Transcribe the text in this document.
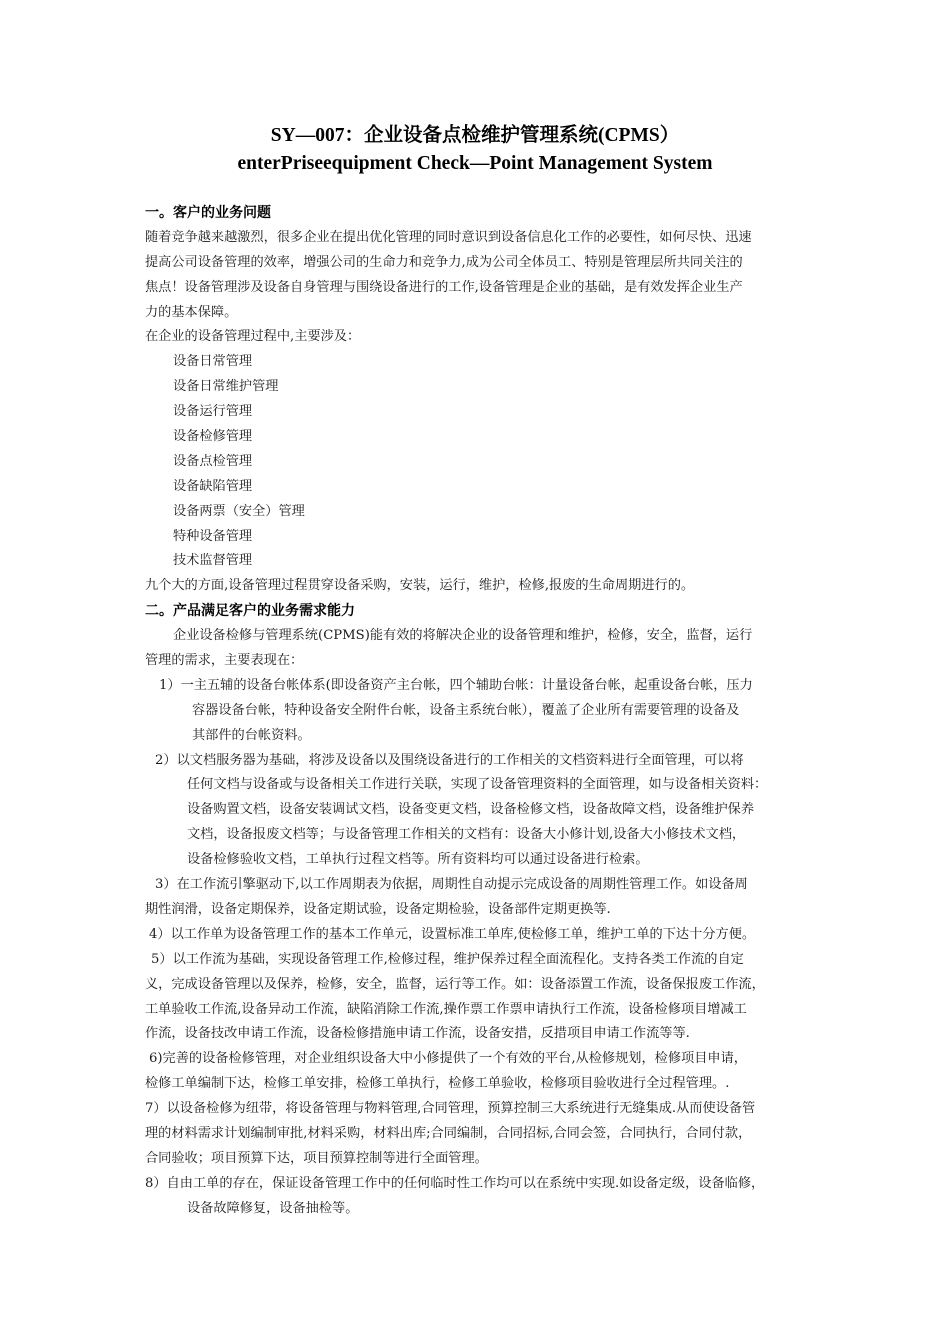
SY—007：企业设备点检维护管理系统(CPMS）
enterPriseequipment Check—Point Management System
一。客户的业务问题
随着竞争越来越激烈，很多企业在提出优化管理的同时意识到设备信息化工作的必要性，如何尽快、迅速
提高公司设备管理的效率，增强公司的生命力和竞争力,成为公司全体员工、特别是管理层所共同关注的
焦点！设备管理涉及设备自身管理与围绕设备进行的工作,设备管理是企业的基础，是有效发挥企业生产
力的基本保障。
在企业的设备管理过程中,主要涉及：
设备日常管理
设备日常维护管理
设备运行管理
设备检修管理
设备点检管理
设备缺陷管理
设备两票（安全）管理
特种设备管理
技术监督管理
九个大的方面,设备管理过程贯穿设备采购，安装，运行，维护，检修,报废的生命周期进行的。
二。产品满足客户的业务需求能力
企业设备检修与管理系统(CPMS)能有效的将解决企业的设备管理和维护，检修，安全，监督，运行
管理的需求，主要表现在：
1）一主五辅的设备台帐体系(即设备资产主台帐，四个辅助台帐：计量设备台帐，起重设备台帐，压力
容器设备台帐，特种设备安全附件台帐，设备主系统台帐），覆盖了企业所有需要管理的设备及
其部件的台帐资料。
2）以文档服务器为基础，将涉及设备以及围绕设备进行的工作相关的文档资料进行全面管理，可以将
任何文档与设备或与设备相关工作进行关联，实现了设备管理资料的全面管理，如与设备相关资料：
设备购置文档，设备安装调试文档，设备变更文档，设备检修文档，设备故障文档，设备维护保养
文档，设备报废文档等；与设备管理工作相关的文档有：设备大小修计划,设备大小修技术文档，
设备检修验收文档，工单执行过程文档等。所有资料均可以通过设备进行检索。
3）在工作流引擎驱动下,以工作周期表为依据，周期性自动提示完成设备的周期性管理工作。如设备周
期性润滑，设备定期保养，设备定期试验，设备定期检验，设备部件定期更换等.
4）以工作单为设备管理工作的基本工作单元，设置标准工单库,使检修工单，维护工单的下达十分方便。
5）以工作流为基础，实现设备管理工作,检修过程，维护保养过程全面流程化。支持各类工作流的自定
义，完成设备管理以及保养，检修，安全，监督，运行等工作。如：设备添置工作流，设备保报废工作流，
工单验收工作流,设备异动工作流，缺陷消除工作流,操作票工作票申请执行工作流，设备检修项目增减工
作流，设备技改申请工作流，设备检修措施申请工作流，设备安措，反措项目申请工作流等等.
6)完善的设备检修管理，对企业组织设备大中小修提供了一个有效的平台,从检修规划，检修项目申请，
检修工单编制下达，检修工单安排，检修工单执行，检修工单验收，检修项目验收进行全过程管理。.
7）以设备检修为纽带，将设备管理与物料管理,合同管理，预算控制三大系统进行无缝集成.从而使设备管
理的材料需求计划编制审批,材料采购，材料出库;合同编制，合同招标,合同会签，合同执行，合同付款，
合同验收；项目预算下达，项目预算控制等进行全面管理。
8）自由工单的存在，保证设备管理工作中的任何临时性工作均可以在系统中实现.如设备定级，设备临修，
设备故障修复，设备抽检等。
